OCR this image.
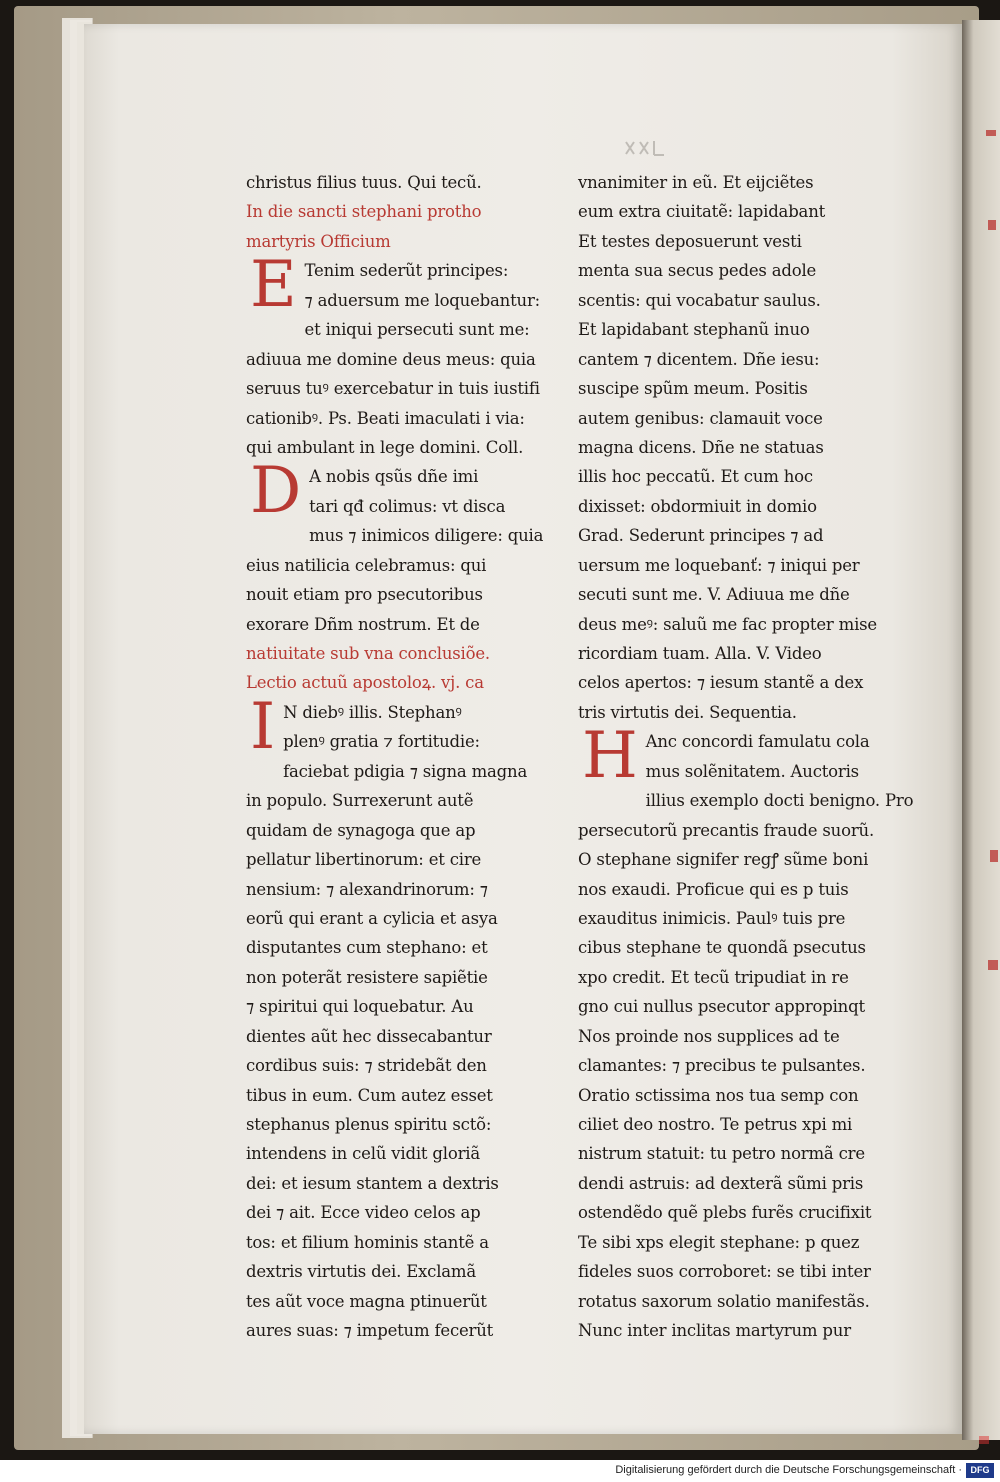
christus filius tuus. Qui tecũ.
In die sancti stephani protho
martyris Officium
E Tenim sederũt principes:
⁊ aduersum me loquebantur:
et iniqui persecuti sunt me:
adiuua me domine deus meus: quia
seruus tuꝰ exercebatur in tuis iustifi
cationibꝰ. Ps. Beati imaculati i via:
qui ambulant in lege domini. Coll.
D A nobis qsũs dñe imi
tari qđ colimus: vt disca
mus ⁊ inimicos diligere: quia
eius natilicia celebramus: qui
nouit etiam pro psecutoribus
exorare Dñm nostrum. Et de
natiuitate sub vna conclusiõe.
Lectio actuũ apostoloꝝ. vj. ca
I N diebꝰ illis. Stephanꝰ
plenꝰ gratia ⁊ fortitudie:
faciebat pdigia ⁊ signa magna
in populo. Surrexerunt autẽ
quidam de synagoga que ap
pellatur libertinorum: et cire
nensium: ⁊ alexandrinorum: ⁊
eorũ qui erant a cylicia et asya
disputantes cum stephano: et
non poterãt resistere sapiẽtie
⁊ spiritui qui loquebatur. Au
dientes aũt hec dissecabantur
cordibus suis: ⁊ stridebãt den
tibus in eum. Cum autez esset
stephanus plenus spiritu sctõ:
intendens in celũ vidit gloriã
dei: et iesum stantem a dextris
dei ⁊ ait. Ecce video celos ap
tos: et filium hominis stantẽ a
dextris virtutis dei. Exclamã
tes aũt voce magna ptinuerũt
aures suas: ⁊ impetum fecerũt
vnanimiter in eũ. Et eijciẽtes
eum extra ciuitatẽ: lapidabant
Et testes deposuerunt vesti
menta sua secus pedes adole
scentis: qui vocabatur saulus.
Et lapidabant stephanũ inuo
cantem ⁊ dicentem. Dñe iesu:
suscipe spũm meum. Positis
autem genibus: clamauit voce
magna dicens. Dñe ne statuas
illis hoc peccatũ. Et cum hoc
dixisset: obdormiuit in domio
Grad. Sederunt principes ⁊ ad
uersum me loquebanť: ⁊ iniqui per
secuti sunt me. V. Adiuua me dñe
deus meꝰ: saluũ me fac propter mise
ricordiam tuam. Alla. V. Video
celos apertos: ⁊ iesum stantẽ a dex
tris virtutis dei. Sequentia.
H Anc concordi famulatu cola
mus solẽnitatem. Auctoris
illius exemplo docti benigno. Pro
persecutorũ precantis fraude suorũ.
O stephane signifer regꝭ sũme boni
nos exaudi. Proficue qui es p tuis
exauditus inimicis. Paulꝰ tuis pre
cibus stephane te quondã psecutus
xpo credit. Et tecũ tripudiat in re
gno cui nullus psecutor appropinqt
Nos proinde nos supplices ad te
clamantes: ⁊ precibus te pulsantes.
Oratio sctissima nos tua semp con
ciliet deo nostro. Te petrus xpi mi
nistrum statuit: tu petro normã cre
dendi astruis: ad dexterã sũmi pris
ostendẽdo quẽ plebs furẽs crucifixit
Te sibi xps elegit stephane: p quez
fideles suos corroboret: se tibi inter
rotatus saxorum solatio manifestãs.
Nunc inter inclitas martyrum pur
Digitalisierung gefördert durch die Deutsche Forschungsgemeinschaft · DFG
